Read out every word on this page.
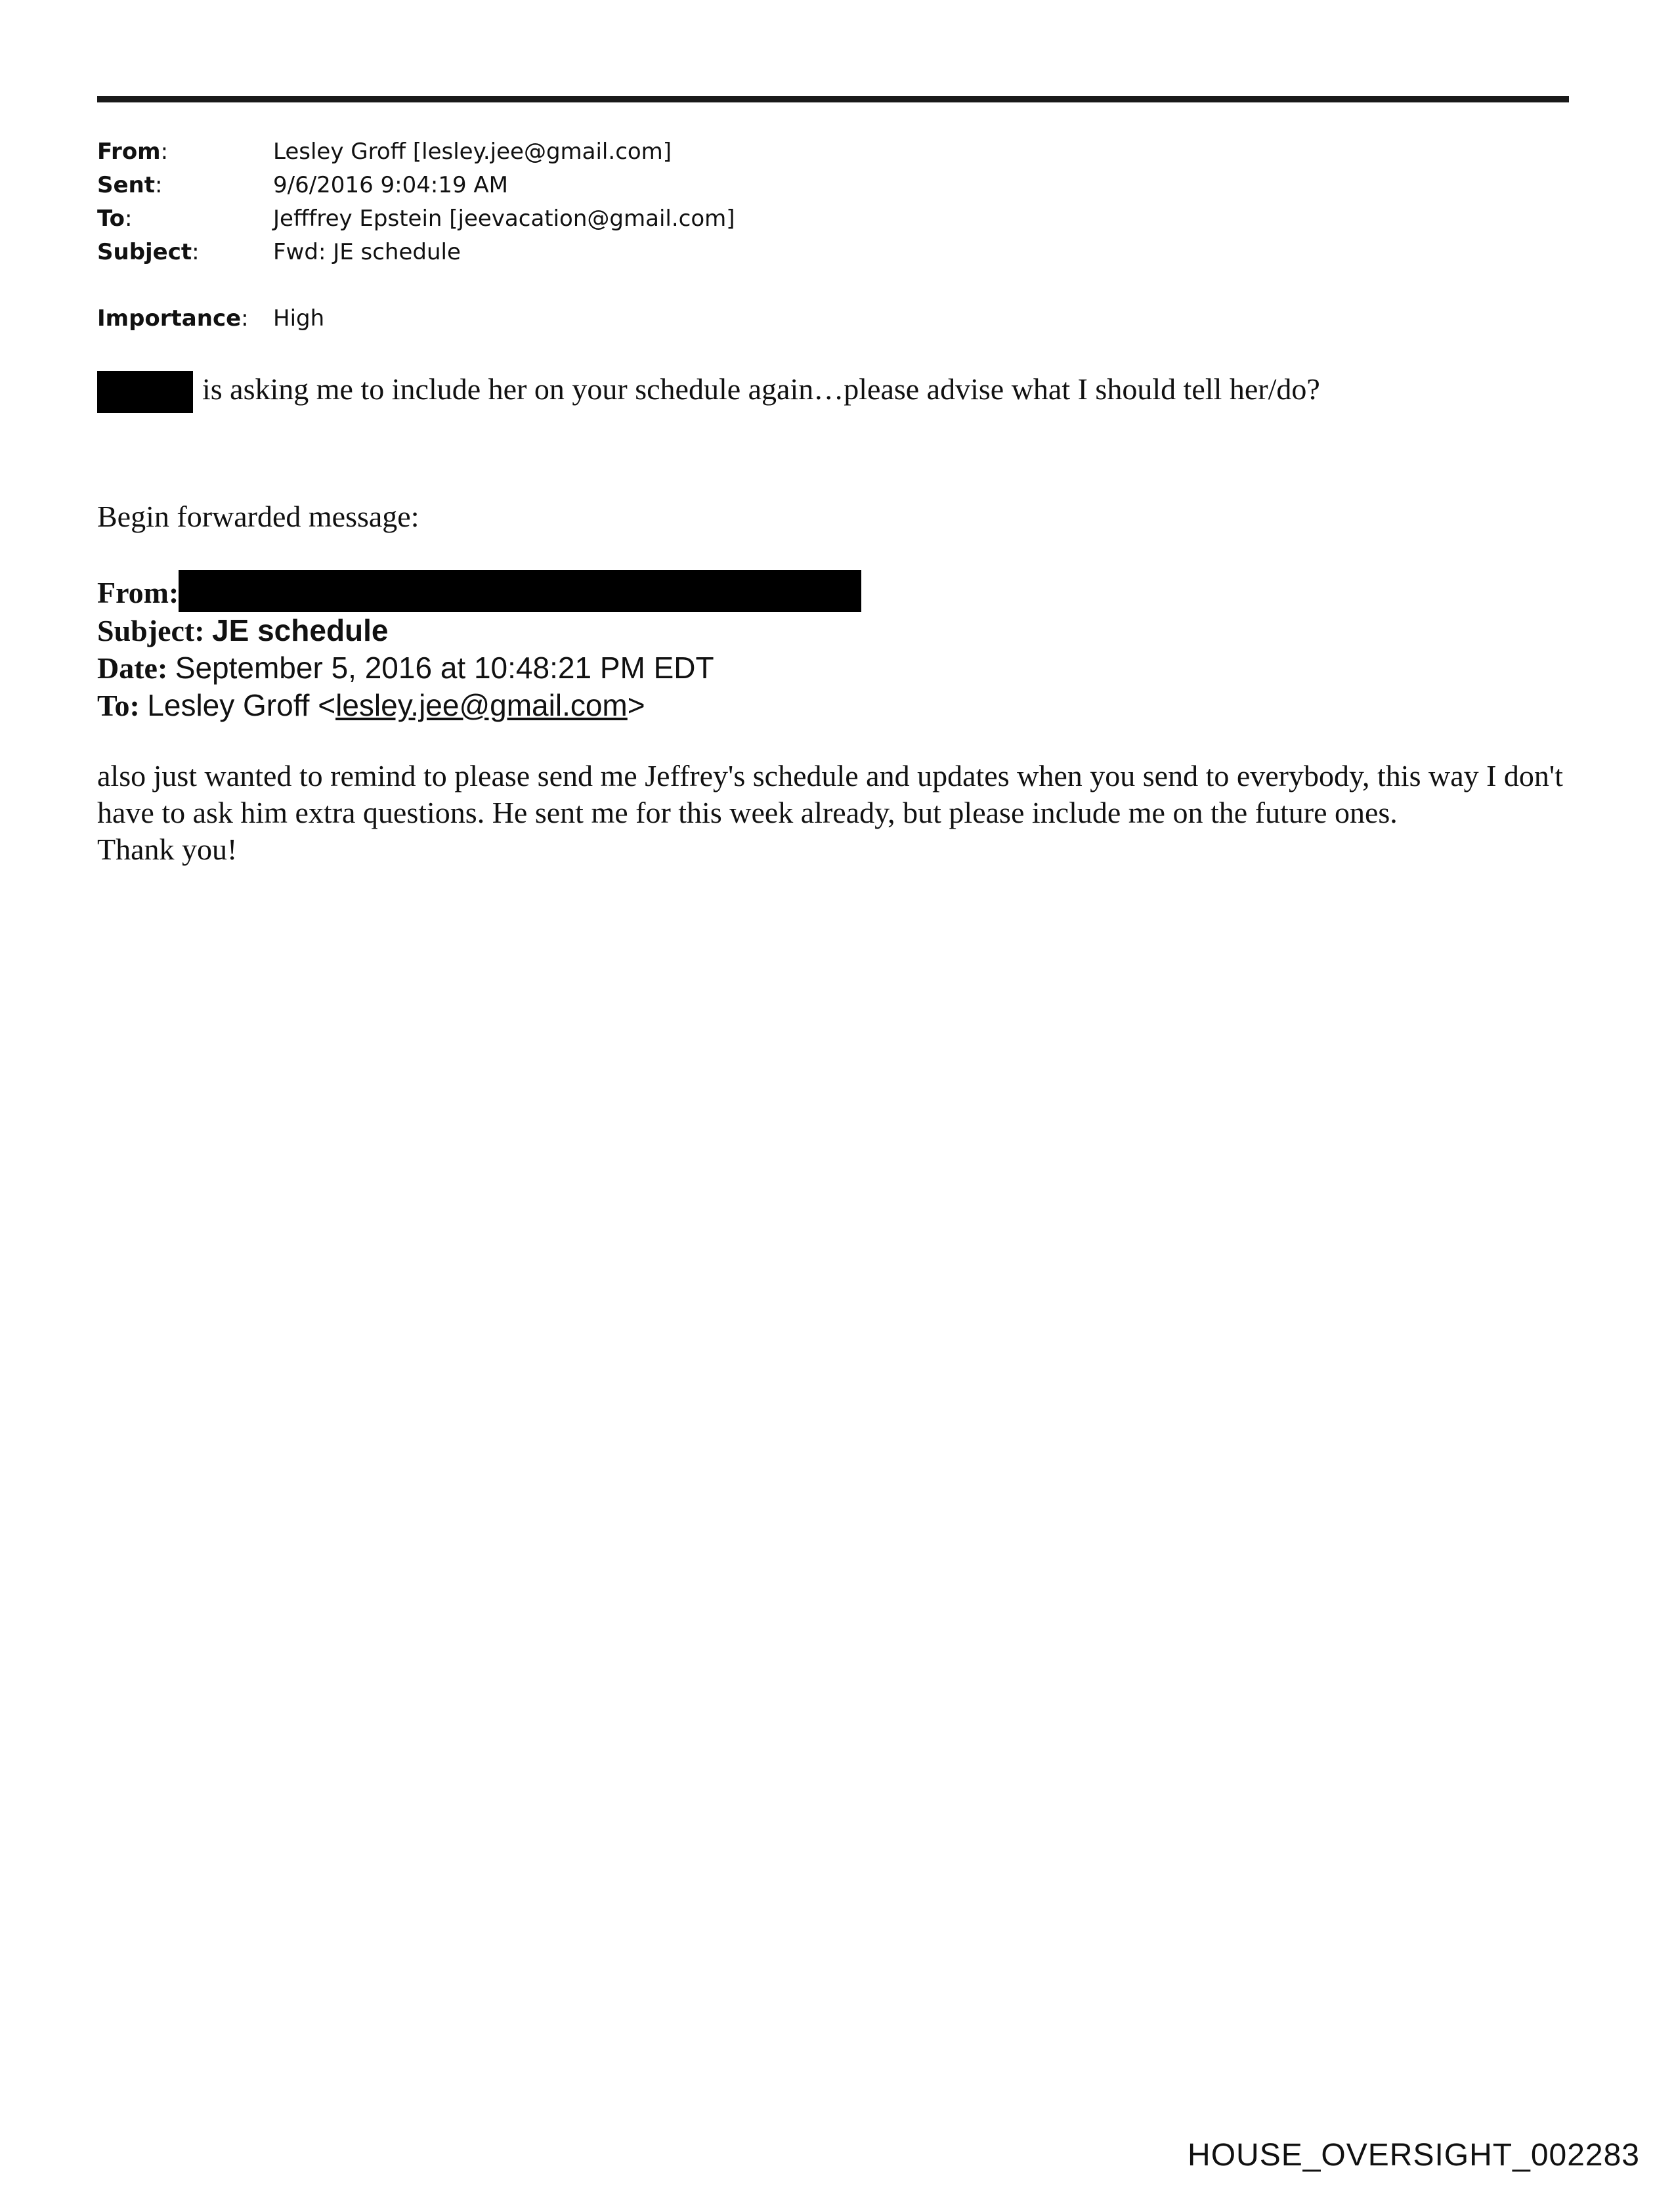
From:	Lesley Groff [lesley.jee@gmail.com]
Sent:	9/6/2016 9:04:19 AM
To:	Jefffrey Epstein [jeevacation@gmail.com]
Subject:	Fwd: JE schedule
Importance:	High
is asking me to include her on your schedule again…please advise what I should tell her/do?
Begin forwarded message:
From:
Subject: JE schedule
Date: September 5, 2016 at 10:48:21 PM EDT
To: Lesley Groff <lesley.jee@gmail.com>

also just wanted to remind to please send me Jeffrey's schedule and updates when you send to everybody, this way I don't have to ask him extra questions. He sent me for this week already, but please include me on the future ones.

Thank you!

HOUSE_OVERSIGHT_002283
